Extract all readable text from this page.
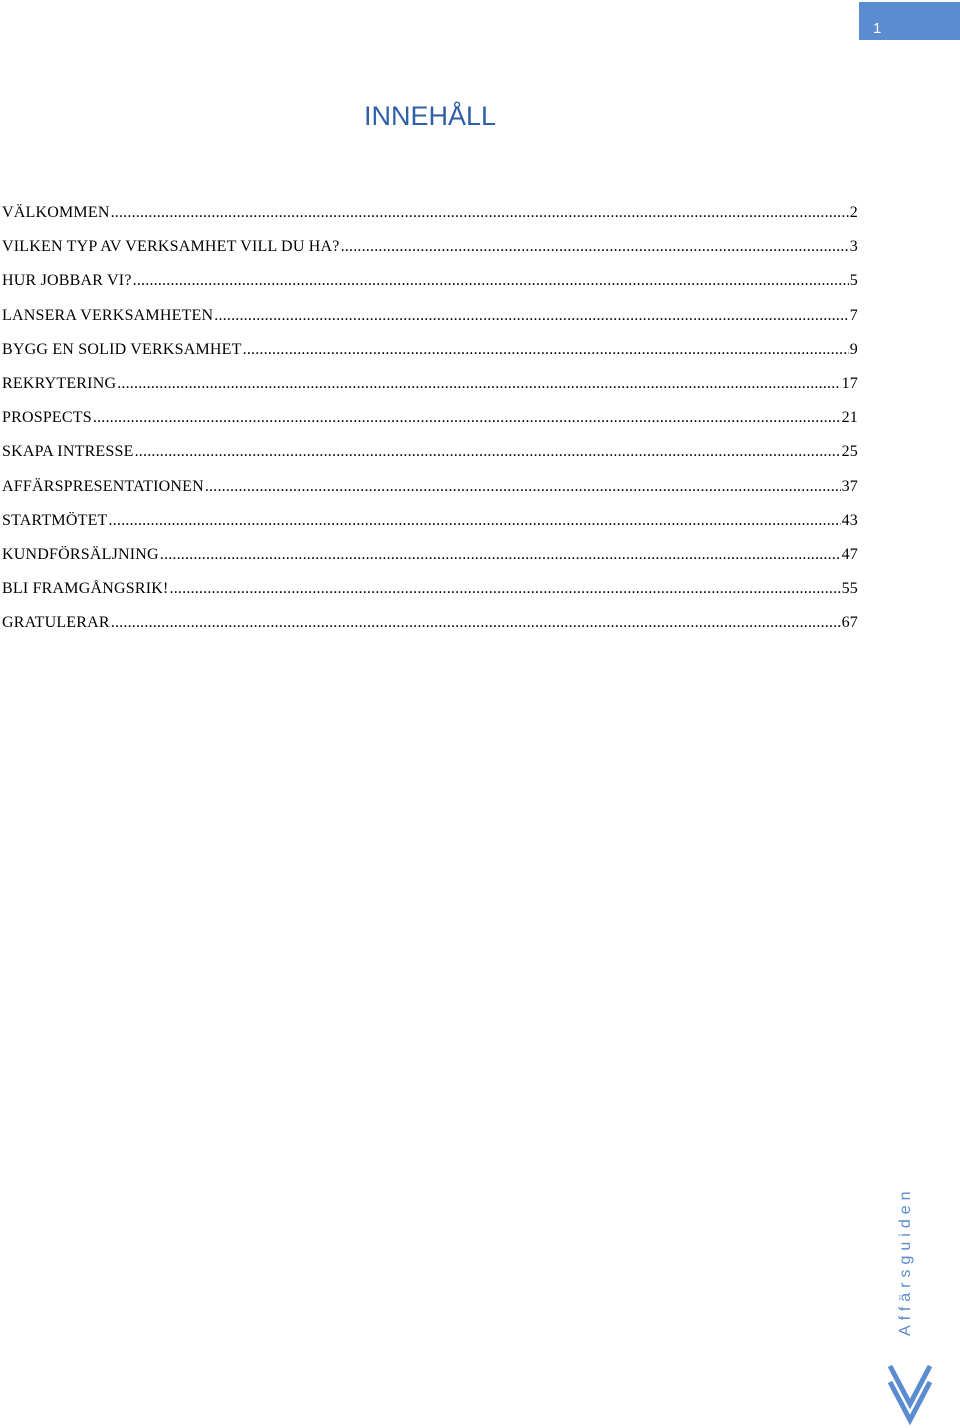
1
INNEHÅLL
VÄLKOMMEN .....	2
VILKEN TYP AV VERKSAMHET VILL DU HA? .....	3
HUR JOBBAR VI? .....	5
LANSERA VERKSAMHETEN .....	7
BYGG EN SOLID VERKSAMHET .....	9
REKRYTERING .....	17
PROSPECTS .....	21
SKAPA INTRESSE .....	25
AFFÄRSPRESENTATIONEN .....	37
STARTMÖTET .....	43
KUNDFÖRSÄLJNING .....	47
BLI FRAMGÅNGSRIK! .....	55
GRATULERAR .....	67
Affärsguiden
